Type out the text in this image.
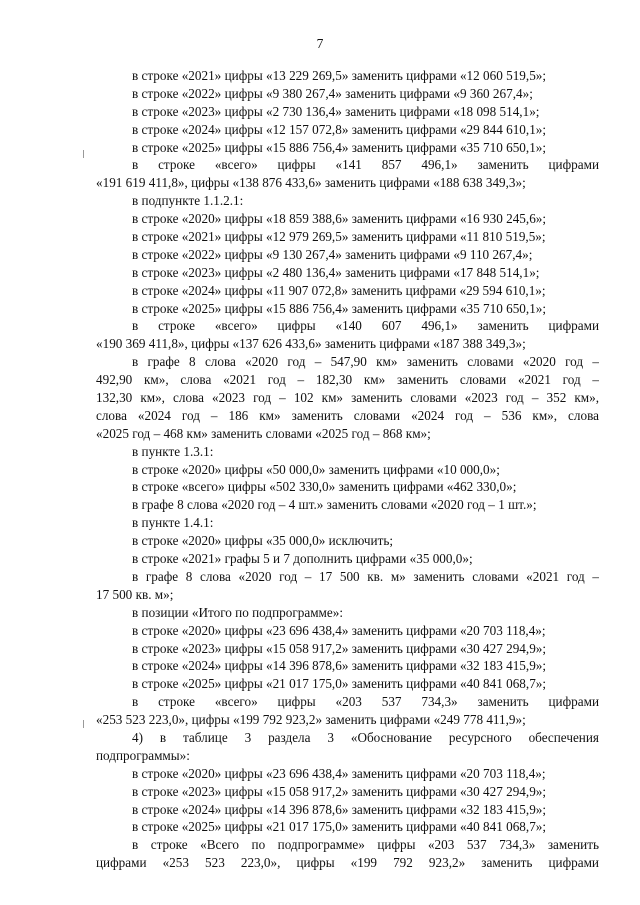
7
в строке «2021» цифры «13 229 269,5» заменить цифрами «12 060 519,5»;
в строке «2022» цифры «9 380 267,4» заменить цифрами «9 360 267,4»;
в строке «2023» цифры «2 730 136,4» заменить цифрами «18 098 514,1»;
в строке «2024» цифры «12 157 072,8» заменить цифрами «29 844 610,1»;
в строке «2025» цифры «15 886 756,4» заменить цифрами «35 710 650,1»;
в строке «всего» цифры «141 857 496,1» заменить цифрами
«191 619 411,8», цифры «138 876 433,6» заменить цифрами «188 638 349,3»;
в подпункте 1.1.2.1:
в строке «2020» цифры «18 859 388,6» заменить цифрами «16 930 245,6»;
в строке «2021» цифры «12 979 269,5» заменить цифрами «11 810 519,5»;
в строке «2022» цифры «9 130 267,4» заменить цифрами «9 110 267,4»;
в строке «2023» цифры «2 480 136,4» заменить цифрами «17 848 514,1»;
в строке «2024» цифры «11 907 072,8» заменить цифрами «29 594 610,1»;
в строке «2025» цифры «15 886 756,4» заменить цифрами «35 710 650,1»;
в строке «всего» цифры «140 607 496,1» заменить цифрами
«190 369 411,8», цифры «137 626 433,6» заменить цифрами «187 388 349,3»;
в графе 8 слова «2020 год – 547,90 км» заменить словами «2020 год –
492,90 км», слова «2021 год – 182,30 км» заменить словами «2021 год –
132,30 км», слова «2023 год – 102 км» заменить словами «2023 год – 352 км»,
слова «2024 год – 186 км» заменить словами «2024 год – 536 км», слова
«2025 год – 468 км» заменить словами «2025 год – 868 км»;
в пункте 1.3.1:
в строке «2020» цифры «50 000,0» заменить цифрами «10 000,0»;
в строке «всего» цифры «502 330,0» заменить цифрами «462 330,0»;
в графе 8 слова «2020 год – 4 шт.» заменить словами «2020 год – 1 шт.»;
в пункте 1.4.1:
в строке «2020» цифры «35 000,0» исключить;
в строке «2021» графы 5 и 7 дополнить цифрами «35 000,0»;
в графе 8 слова «2020 год – 17 500 кв. м» заменить словами «2021 год –
17 500 кв. м»;
в позиции «Итого по подпрограмме»:
в строке «2020» цифры «23 696 438,4» заменить цифрами «20 703 118,4»;
в строке «2023» цифры «15 058 917,2» заменить цифрами «30 427 294,9»;
в строке «2024» цифры «14 396 878,6» заменить цифрами «32 183 415,9»;
в строке «2025» цифры «21 017 175,0» заменить цифрами «40 841 068,7»;
в строке «всего» цифры «203 537 734,3» заменить цифрами
«253 523 223,0», цифры «199 792 923,2» заменить цифрами «249 778 411,9»;
4) в таблице 3 раздела 3 «Обоснование ресурсного обеспечения
подпрограммы»:
в строке «2020» цифры «23 696 438,4» заменить цифрами «20 703 118,4»;
в строке «2023» цифры «15 058 917,2» заменить цифрами «30 427 294,9»;
в строке «2024» цифры «14 396 878,6» заменить цифрами «32 183 415,9»;
в строке «2025» цифры «21 017 175,0» заменить цифрами «40 841 068,7»;
в строке «Всего по подпрограмме» цифры «203 537 734,3» заменить
цифрами «253 523 223,0», цифры «199 792 923,2» заменить цифрами
